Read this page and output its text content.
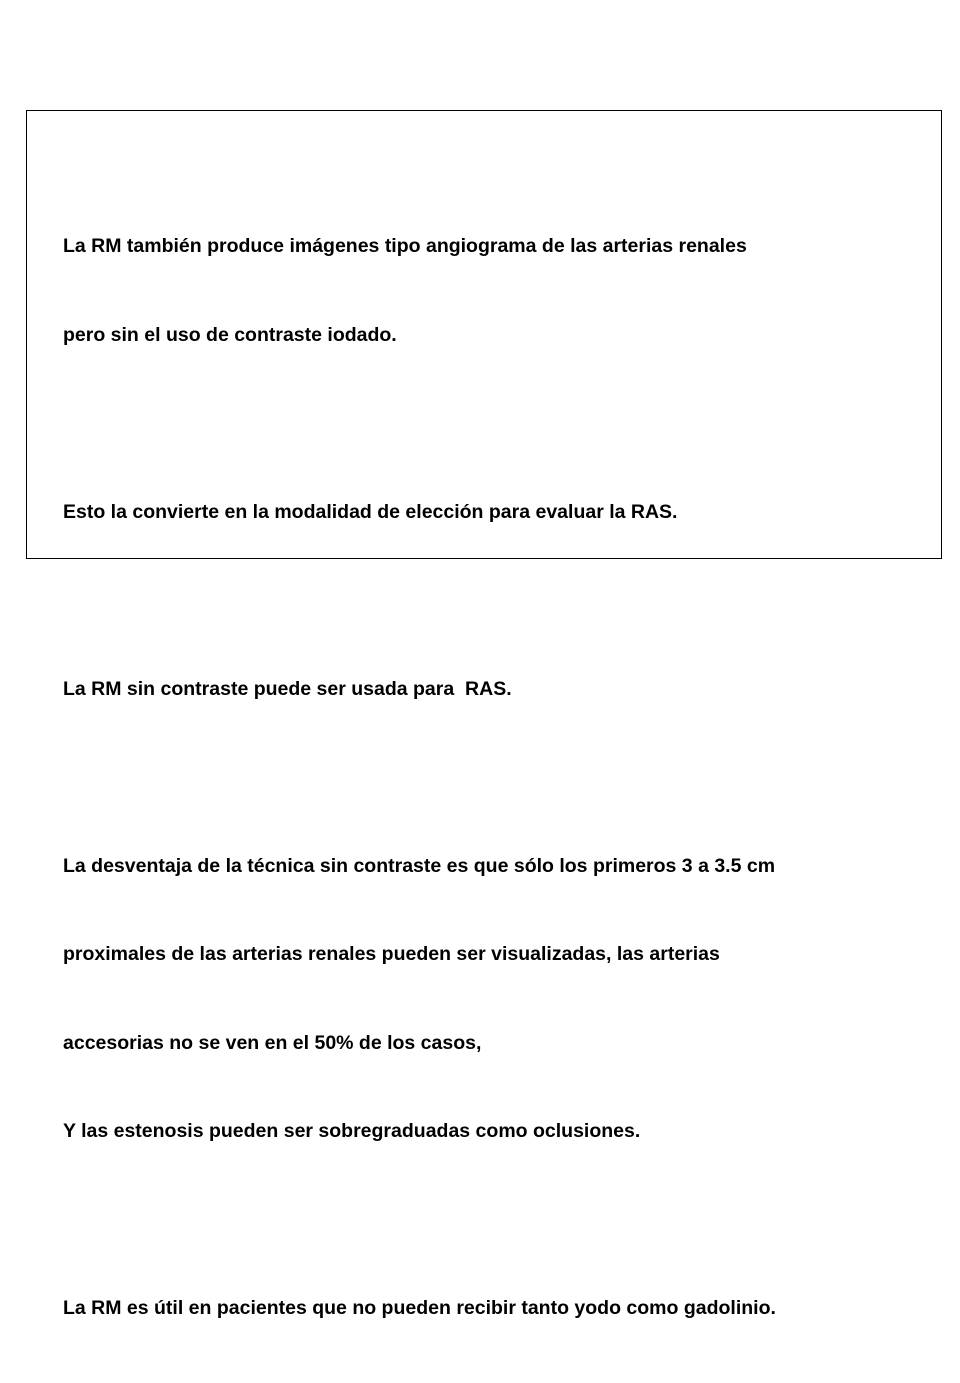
La RM también produce imágenes tipo angiograma de las arterias renales

pero sin el uso de contraste iodado.

Esto la convierte en la modalidad de elección para evaluar la RAS.

La RM sin contraste puede ser usada para  RAS.

La desventaja de la técnica sin contraste es que sólo los primeros 3 a 3.5 cm

proximales de las arterias renales pueden ser visualizadas, las arterias

accesorias no se ven en el 50% de los casos,

Y las estenosis pueden ser sobregraduadas como oclusiones.

La RM es útil en pacientes que no pueden recibir tanto yodo como gadolinio.
